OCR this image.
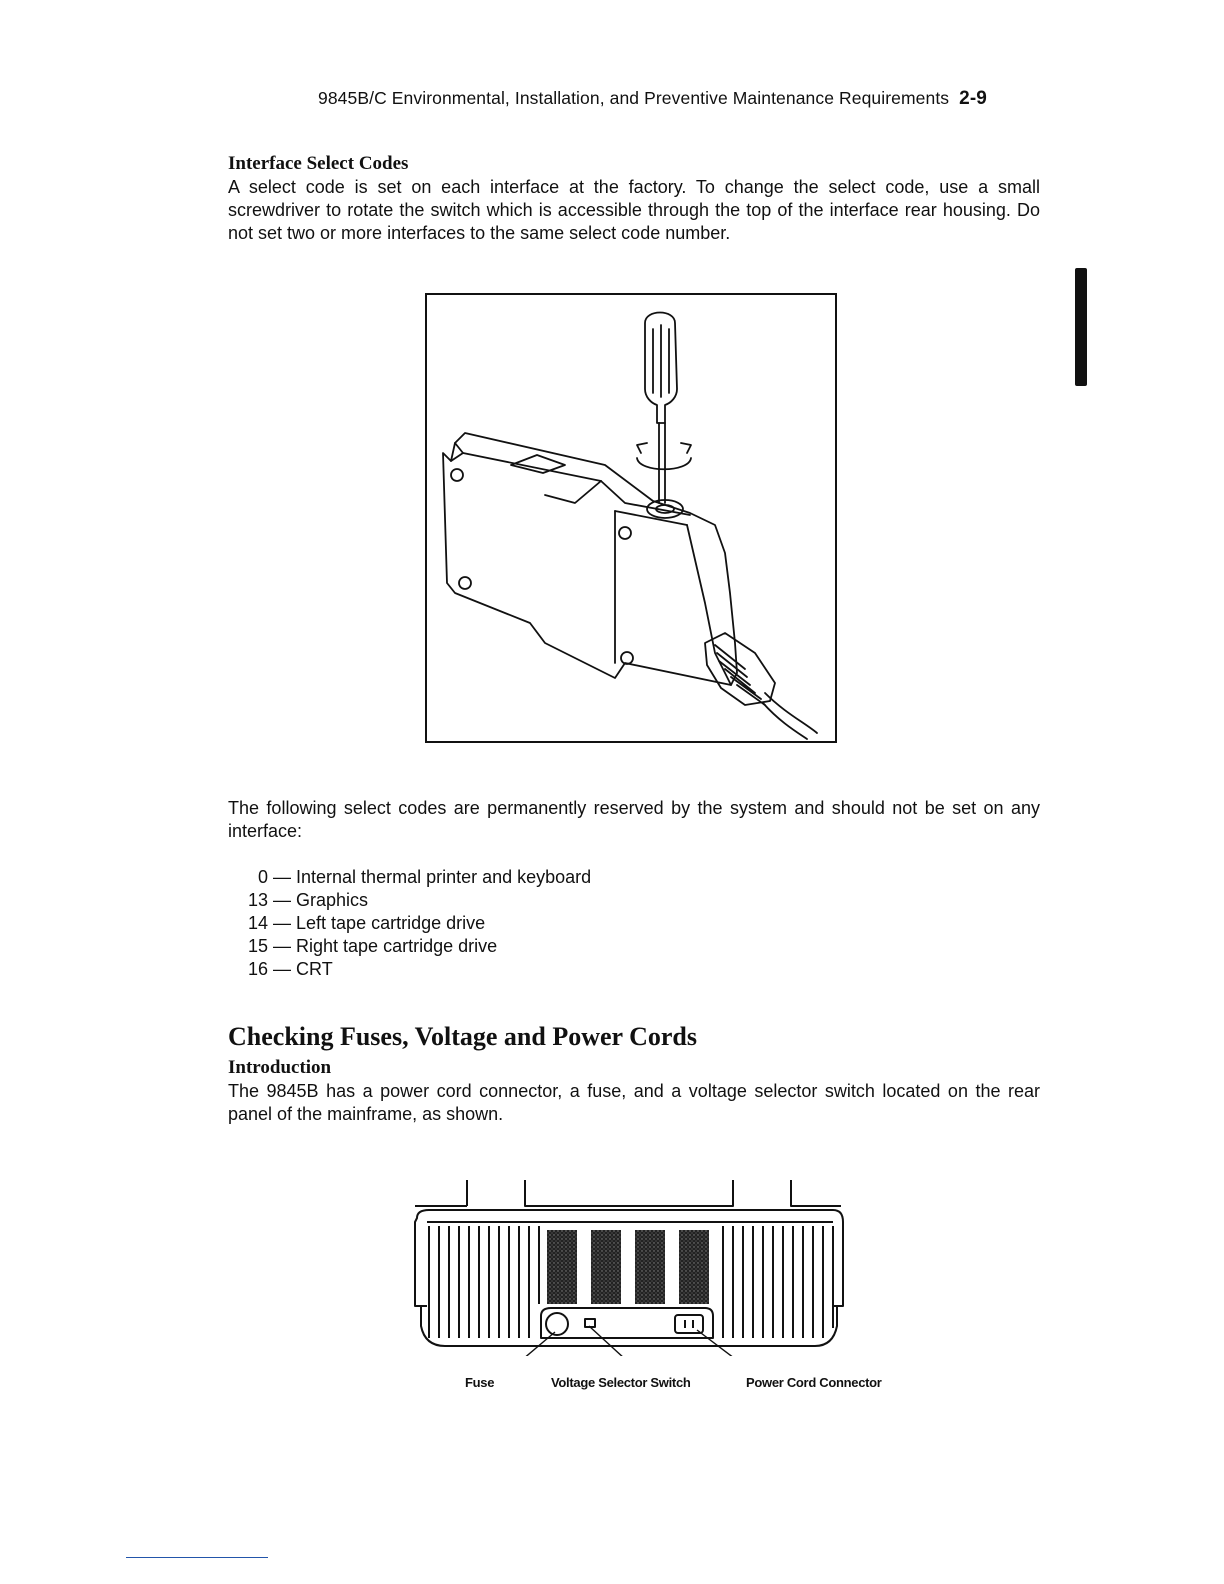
9845B/C Environmental, Installation, and Preventive Maintenance Requirements 2-9
Interface Select Codes
A select code is set on each interface at the factory. To change the select code, use a small screwdriver to rotate the switch which is accessible through the top of the interface rear housing. Do not set two or more interfaces to the same select code number.
The following select codes are permanently reserved by the system and should not be set on any interface:
0 — Internal thermal printer and keyboard
13 — Graphics
14 — Left tape cartridge drive
15 — Right tape cartridge drive
16 — CRT
Checking Fuses, Voltage and Power Cords
Introduction
The 9845B has a power cord connector, a fuse, and a voltage selector switch located on the rear panel of the mainframe, as shown.
Fuse	Voltage Selector Switch	Power Cord Connector
